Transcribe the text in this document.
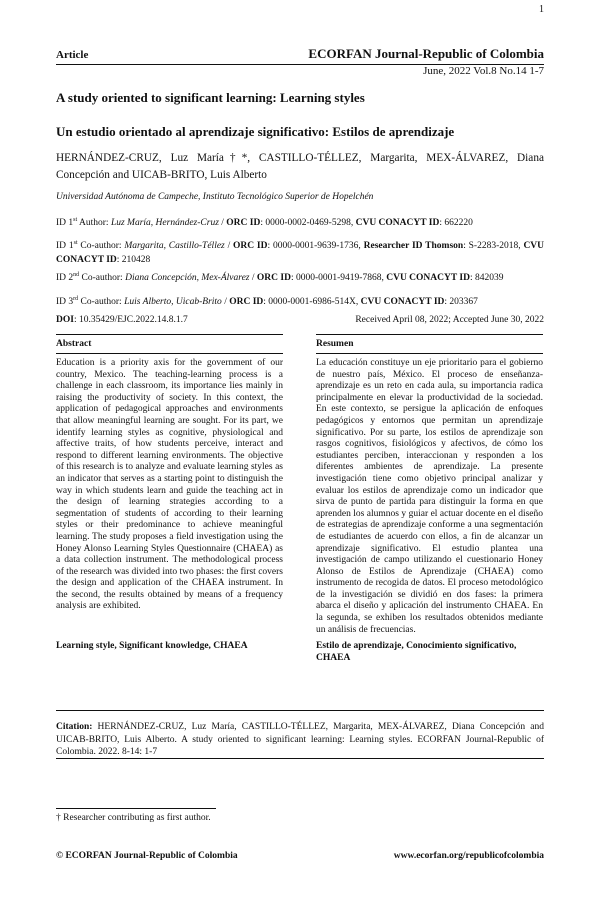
1
Article	ECORFAN Journal-Republic of Colombia
June, 2022 Vol.8 No.14 1-7
A study oriented to significant learning: Learning styles
Un estudio orientado al aprendizaje significativo: Estilos de aprendizaje
HERNÁNDEZ-CRUZ, Luz María†*, CASTILLO-TÉLLEZ, Margarita, MEX-ÁLVAREZ, Diana Concepción and UICAB-BRITO, Luis Alberto
Universidad Autónoma de Campeche, Instituto Tecnológico Superior de Hopelchén
ID 1st Author: Luz María, Hernández-Cruz / ORC ID: 0000-0002-0469-5298, CVU CONACYT ID: 662220
ID 1st Co-author: Margarita, Castillo-Téllez / ORC ID: 0000-0001-9639-1736, Researcher ID Thomson: S-2283-2018, CVU CONACYT ID: 210428
ID 2nd Co-author: Diana Concepción, Mex-Álvarez / ORC ID: 0000-0001-9419-7868, CVU CONACYT ID: 842039
ID 3rd Co-author: Luis Alberto, Uicab-Brito / ORC ID: 0000-0001-6986-514X, CVU CONACYT ID: 203367
DOI: 10.35429/EJC.2022.14.8.1.7	Received April 08, 2022; Accepted June 30, 2022
Abstract	Resumen
Education is a priority axis for the government of our country, Mexico. The teaching-learning process is a challenge in each classroom, its importance lies mainly in raising the productivity of society. In this context, the application of pedagogical approaches and environments that allow meaningful learning are sought. For its part, we identify learning styles as cognitive, physiological and affective traits, of how students perceive, interact and respond to different learning environments. The objective of this research is to analyze and evaluate learning styles as an indicator that serves as a starting point to distinguish the way in which students learn and guide the teaching act in the design of learning strategies according to a segmentation of students of according to their learning styles or their predominance to achieve meaningful learning. The study proposes a field investigation using the Honey Alonso Learning Styles Questionnaire (CHAEA) as a data collection instrument. The methodological process of the research was divided into two phases: the first covers the design and application of the CHAEA instrument. In the second, the results obtained by means of a frequency analysis are exhibited.
La educación constituye un eje prioritario para el gobierno de nuestro país, México. El proceso de enseñanza-aprendizaje es un reto en cada aula, su importancia radica principalmente en elevar la productividad de la sociedad. En este contexto, se persigue la aplicación de enfoques pedagógicos y entornos que permitan un aprendizaje significativo. Por su parte, los estilos de aprendizaje son rasgos cognitivos, fisiológicos y afectivos, de cómo los estudiantes perciben, interaccionan y responden a los diferentes ambientes de aprendizaje. La presente investigación tiene como objetivo principal analizar y evaluar los estilos de aprendizaje como un indicador que sirva de punto de partida para distinguir la forma en que aprenden los alumnos y guiar el actuar docente en el diseño de estrategias de aprendizaje conforme a una segmentación de estudiantes de acuerdo con ellos, a fin de alcanzar un aprendizaje significativo. El estudio plantea una investigación de campo utilizando el cuestionario Honey Alonso de Estilos de Aprendizaje (CHAEA) como instrumento de recogida de datos. El proceso metodológico de la investigación se dividió en dos fases: la primera abarca el diseño y aplicación del instrumento CHAEA. En la segunda, se exhiben los resultados obtenidos mediante un análisis de frecuencias.
Learning style, Significant knowledge, CHAEA	Estilo de aprendizaje, Conocimiento significativo, CHAEA
Citation: HERNÁNDEZ-CRUZ, Luz María, CASTILLO-TÉLLEZ, Margarita, MEX-ÁLVAREZ, Diana Concepción and UICAB-BRITO, Luis Alberto. A study oriented to significant learning: Learning styles. ECORFAN Journal-Republic of Colombia. 2022. 8-14: 1-7
† Researcher contributing as first author.
© ECORFAN Journal-Republic of Colombia	www.ecorfan.org/republicofcolombia
